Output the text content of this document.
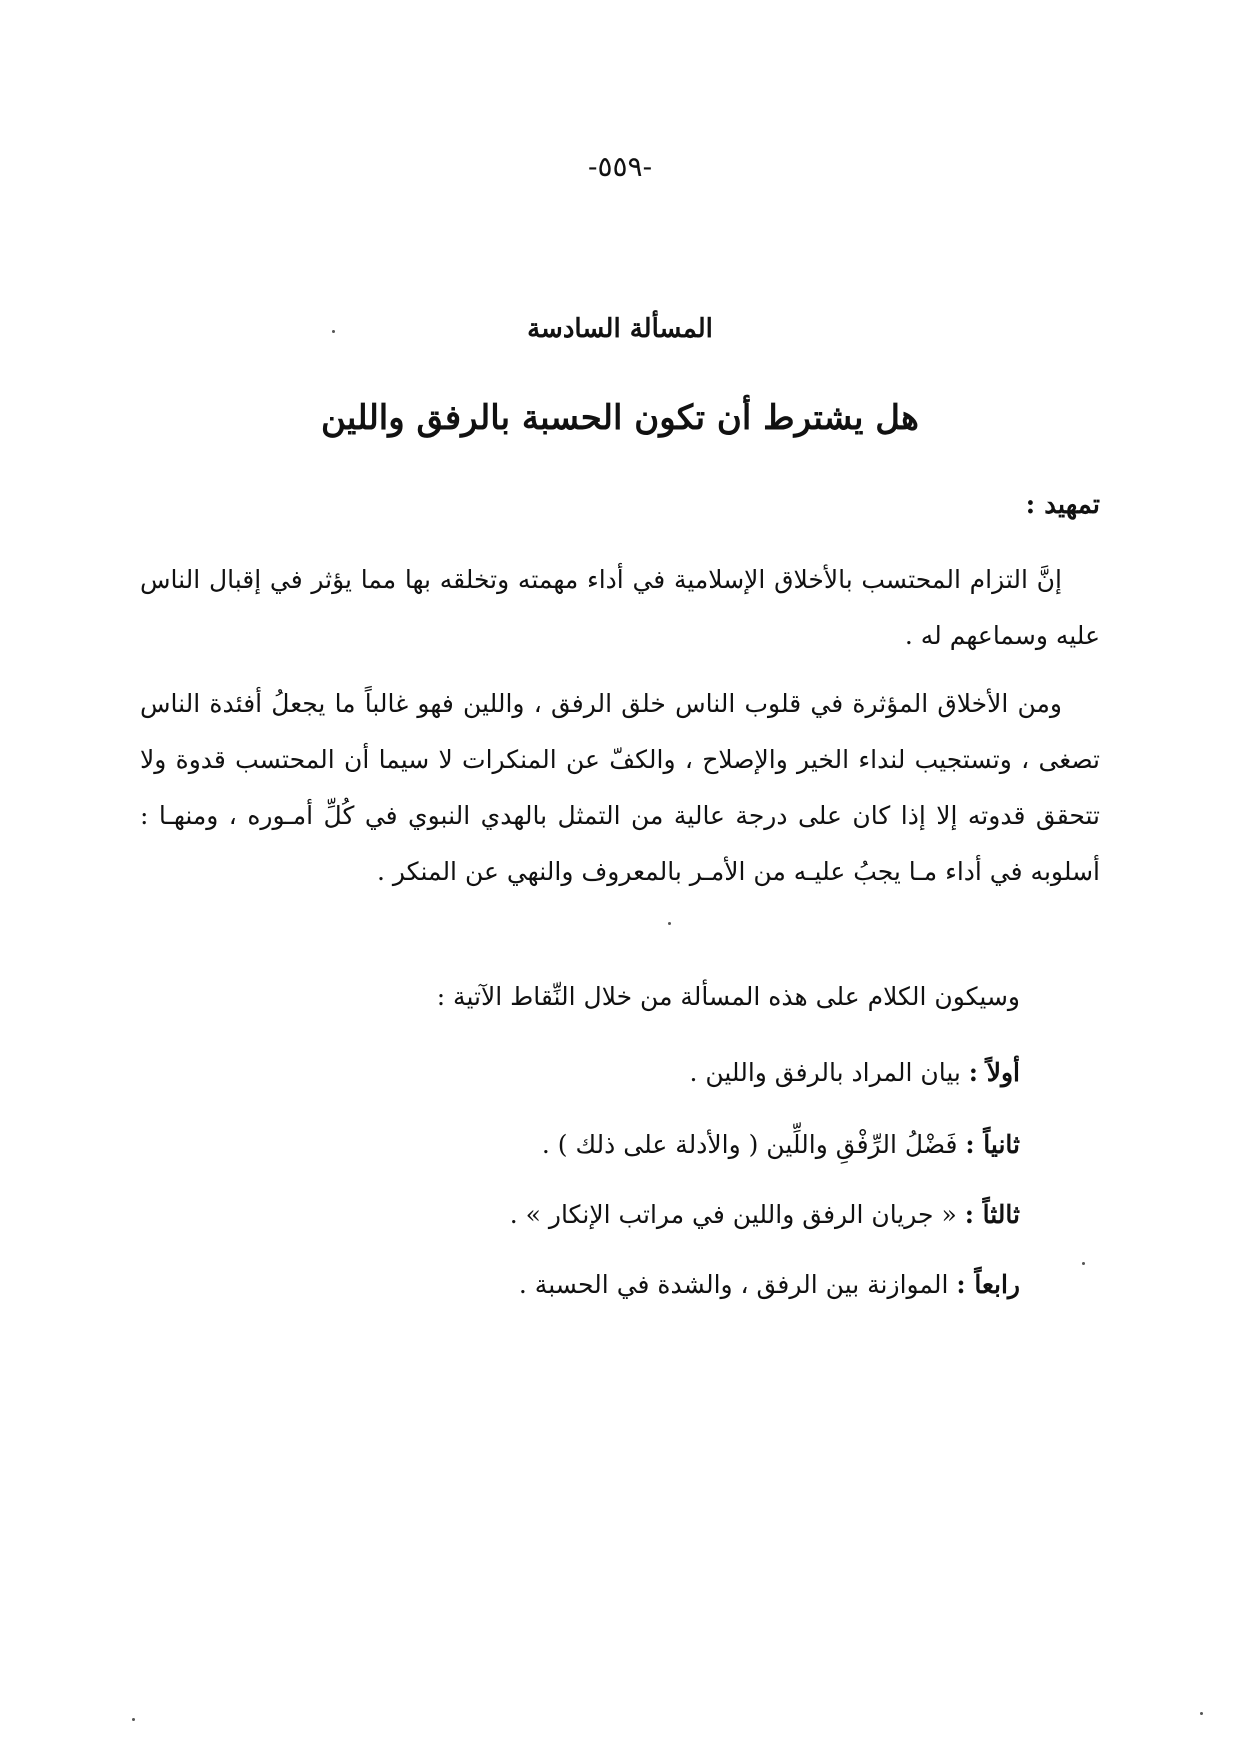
-٥٥٩-
المسألة السادسة
هل يشترط أن تكون الحسبة بالرفق واللين
تمهيد :

إنَّ التزام المحتسب بالأخلاق الإسلامية في أداء مهمته وتخلقه بها مما يؤثر في إقبال الناس عليه وسماعهم له .

ومن الأخلاق المؤثرة في قلوب الناس خلق الرفق ، واللين فهو غالباً ما يجعلُ أفئدة الناس تصغى ، وتستجيب لنداء الخير والإصلاح ، والكفّ عن المنكرات لا سيما أن المحتسب قدوة ولا تتحقق قدوته إلا إذا كان على درجة عالية من التمثل بالهدي النبوي في كُلِّ أمـوره ، ومنهـا : أسلوبه في أداء مـا يجبُ عليـه من الأمـر بالمعروف والنهي عن المنكر .

وسيكون الكلام على هذه المسألة من خلال النِّقاط الآتية :
أولاً : بيان المراد بالرفق واللين .
ثانياً : فَضْلُ الرِّفْقِ واللِّين ( والأدلة على ذلك ) .
ثالثاً : « جريان الرفق واللين في مراتب الإنكار » .
رابعاً : الموازنة بين الرفق ، والشدة في الحسبة .
